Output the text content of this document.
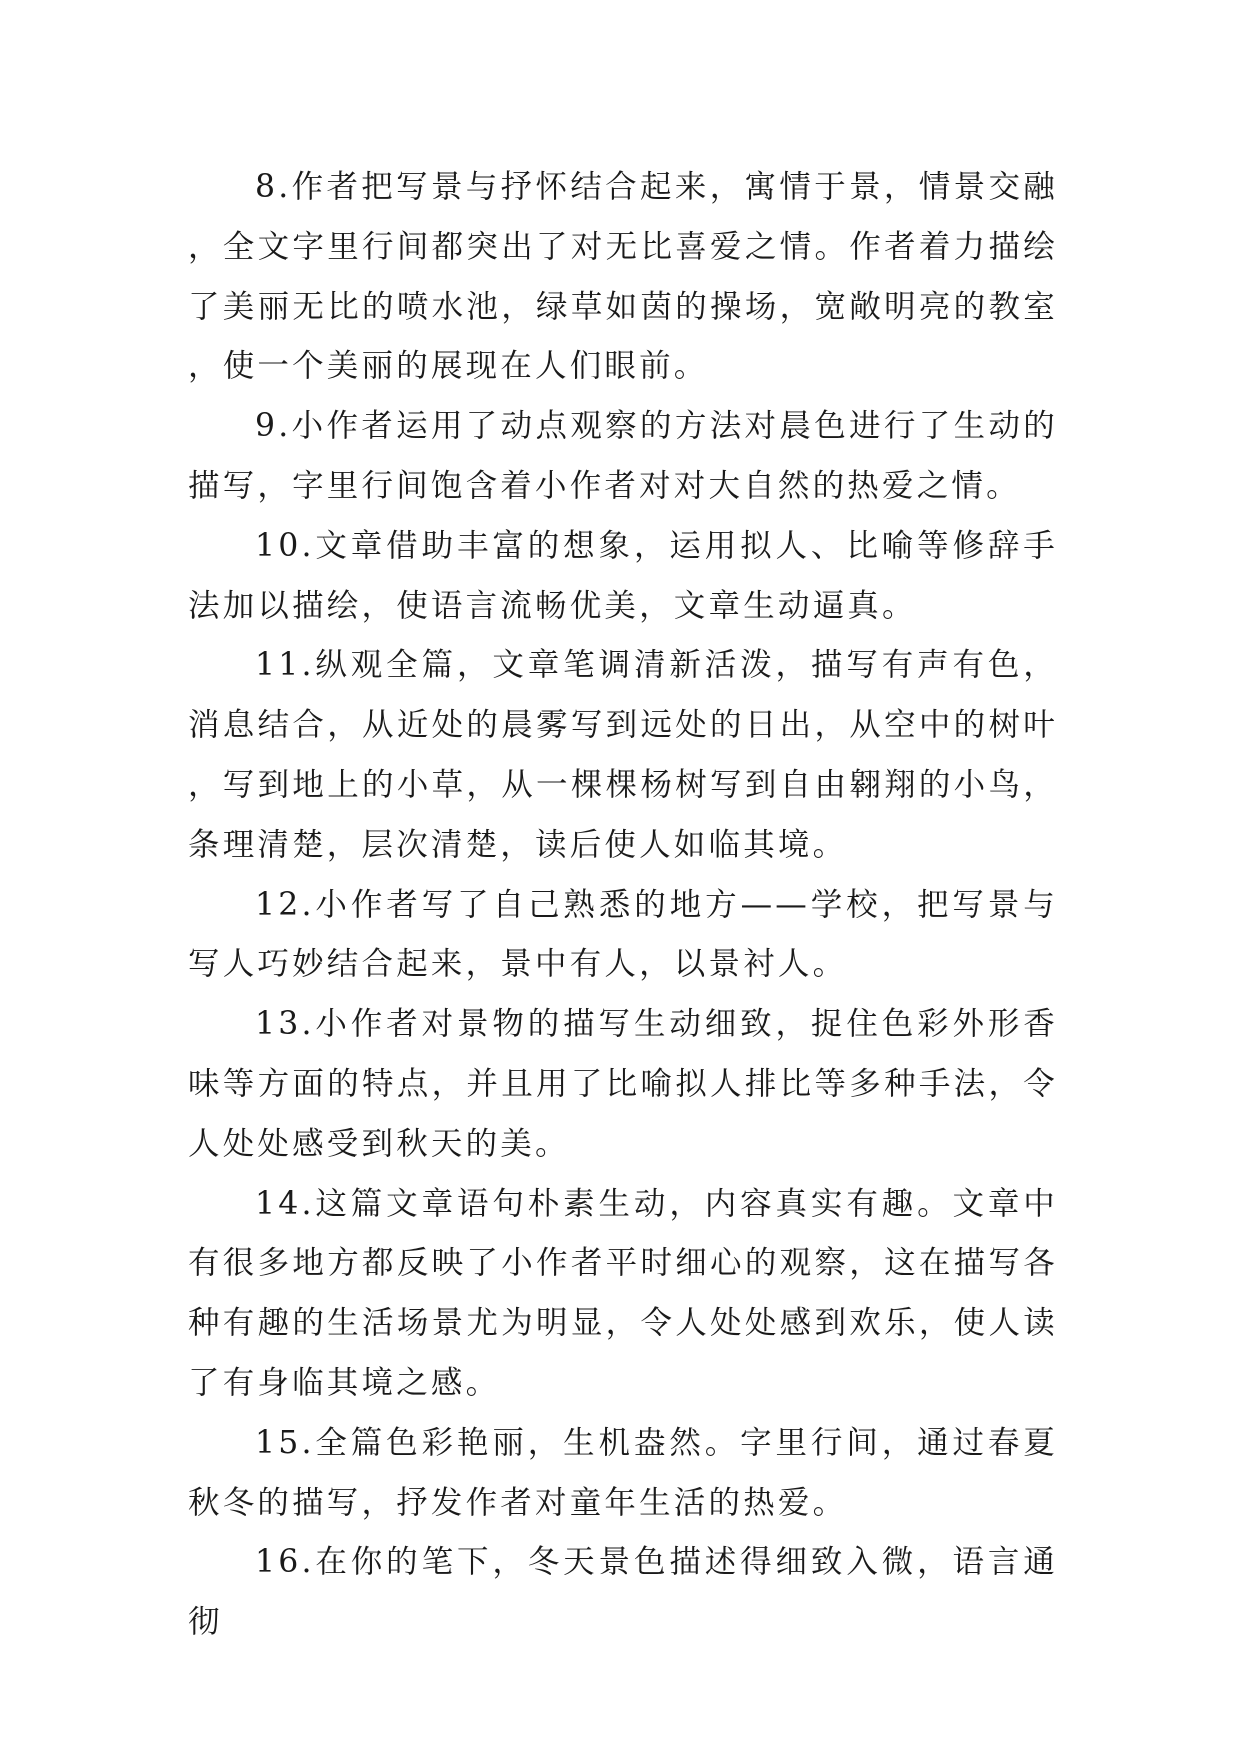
8.作者把写景与抒怀结合起来，寓情于景，情景交融，全文字里行间都突出了对无比喜爱之情。作者着力描绘了美丽无比的喷水池，绿草如茵的操场，宽敞明亮的教室，使一个美丽的展现在人们眼前。

9.小作者运用了动点观察的方法对晨色进行了生动的描写，字里行间饱含着小作者对对大自然的热爱之情。

10.文章借助丰富的想象，运用拟人、比喻等修辞手法加以描绘，使语言流畅优美，文章生动逼真。

11.纵观全篇，文章笔调清新活泼，描写有声有色，消息结合，从近处的晨雾写到远处的日出，从空中的树叶，写到地上的小草，从一棵棵杨树写到自由翱翔的小鸟，条理清楚，层次清楚，读后使人如临其境。

12.小作者写了自己熟悉的地方——学校，把写景与写人巧妙结合起来，景中有人，以景衬人。

13.小作者对景物的描写生动细致，捉住色彩外形香味等方面的特点，并且用了比喻拟人排比等多种手法，令人处处感受到秋天的美。

14.这篇文章语句朴素生动，内容真实有趣。文章中有很多地方都反映了小作者平时细心的观察，这在描写各种有趣的生活场景尤为明显，令人处处感到欢乐，使人读了有身临其境之感。

15.全篇色彩艳丽，生机盎然。字里行间，通过春夏秋冬的描写，抒发作者对童年生活的热爱。

16.在你的笔下，冬天景色描述得细致入微，语言通彻
